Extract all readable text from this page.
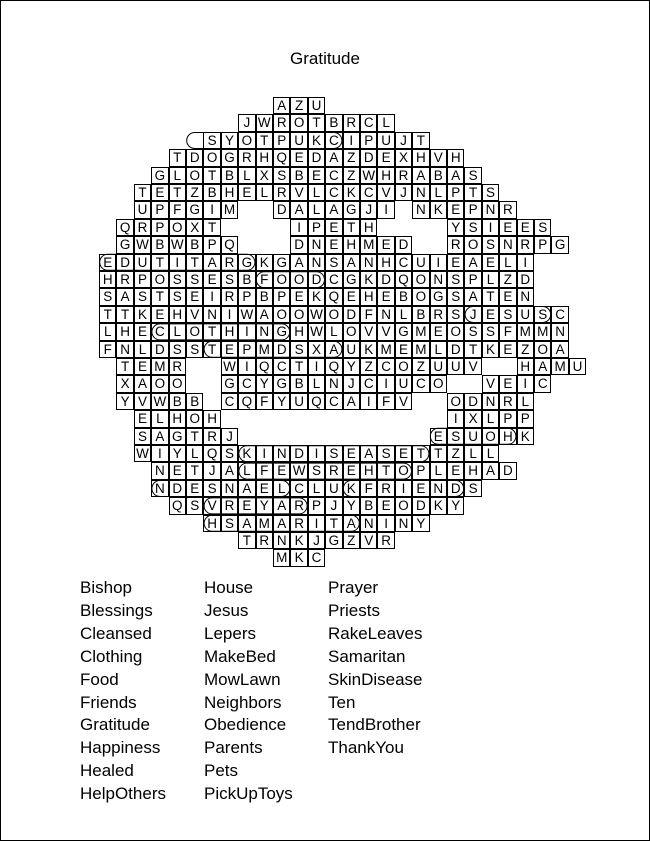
Gratitude
A Z U
J W R O T B R C L
S Y O T P U K C I P U J T
T D O G R H Q E D A Z D E X H V H
G L O T B L X S B E C Z W H R A B A S
T E T Z B H E L R V L C K C V J N L P T S
U P F G I M	D A L A G J I	N K E P N R
Q R P O X T	I P E T H	Y S I E E S
G W B W B P Q	D N E H M E D	R O S N R P G
E D U T I T A R G K G A N S A N H C U I E A E L I
H R P O S S E S B F O O D C G K D Q O N S P L Z D
S A S T S E I R P B P E K Q E H E B O G S A T E N
T T K E H V N I W A O O W O D F N L B R S J E S U S C
L H E C L O T H I N G H W L O V V G M E O S S F M M N
F N L D S S T E P M D S X A U K M E M L D T K E Z O A
T E M R	W I Q C T I Q Y Z C O Z U U V	H A M U
X A O O	G C Y G B L N J C I U C O	V E I C
Y V W B B	C Q F Y U Q C A I F V	O D N R L
E L H O H	I X L P P
S A G T R J	E S U O H K
W I Y L Q S K I N D I S E A S E T T Z L L
N E T J A L F E W S R E H T O P L E H A D
N D E S N A E L C L U K F R I E N D S
Q S V R E Y A R P J Y B E O D K Y
H S A M A R I T A N I N Y
T R N K J G Z V R
M K C
Bishop
Blessings
Cleansed
Clothing
Food
Friends
Gratitude
Happiness
Healed
HelpOthers
House
Jesus
Lepers
MakeBed
MowLawn
Neighbors
Obedience
Parents
Pets
PickUpToys
Prayer
Priests
RakeLeaves
Samaritan
SkinDisease
Ten
TendBrother
ThankYou
